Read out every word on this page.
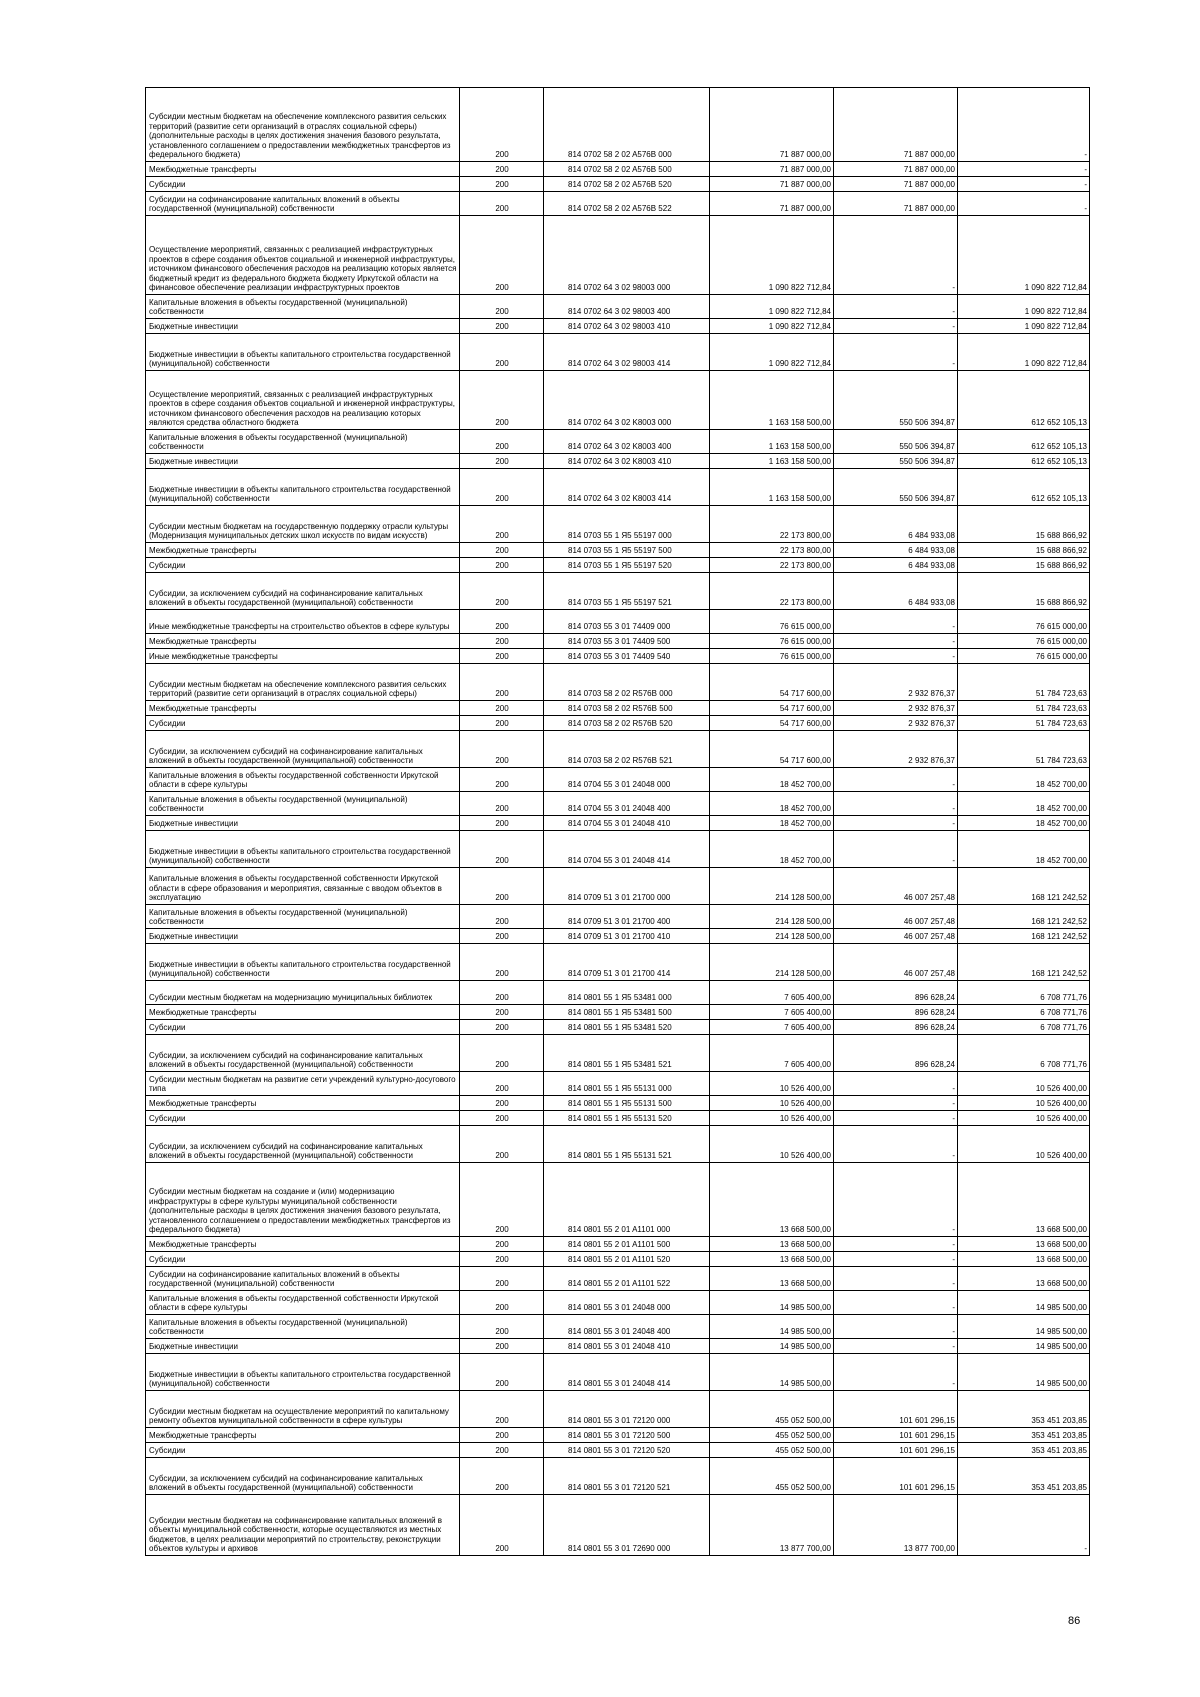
Субсидии местным бюджетам на обеспечение комплексного развития сельских территорий (развитие сети организаций в отраслях социальной сферы) (дополнительные расходы в целях достижения значения базового результата, установленного соглашением о предоставлении межбюджетных трансфертов из федерального бюджета)	200	814 0702 58 2 02 A576B 000	71 887 000,00	71 887 000,00	-
Межбюджетные трансферты	200	814 0702 58 2 02 A576B 500	71 887 000,00	71 887 000,00	-
Субсидии	200	814 0702 58 2 02 A576B 520	71 887 000,00	71 887 000,00	-
Субсидии на софинансирование капитальных вложений в объекты государственной (муниципальной) собственности	200	814 0702 58 2 02 A576B 522	71 887 000,00	71 887 000,00	-
Осуществление мероприятий, связанных с реализацией инфраструктурных проектов в сфере создания объектов социальной и инженерной инфраструктуры, источником финансового обеспечения расходов на реализацию которых является бюджетный кредит из федерального бюджета бюджету Иркутской области на финансовое обеспечение реализации инфраструктурных проектов	200	814 0702 64 3 02 98003 000	1 090 822 712,84	-	1 090 822 712,84
Капитальные вложения в объекты государственной (муниципальной) собственности	200	814 0702 64 3 02 98003 400	1 090 822 712,84	-	1 090 822 712,84
Бюджетные инвестиции	200	814 0702 64 3 02 98003 410	1 090 822 712,84	-	1 090 822 712,84
Бюджетные инвестиции в объекты капитального строительства государственной (муниципальной) собственности	200	814 0702 64 3 02 98003 414	1 090 822 712,84	-	1 090 822 712,84
Осуществление мероприятий, связанных с реализацией инфраструктурных проектов в сфере создания объектов социальной и инженерной инфраструктуры, источником финансового обеспечения расходов на реализацию которых являются средства областного бюджета	200	814 0702 64 3 02 K8003 000	1 163 158 500,00	550 506 394,87	612 652 105,13
Капитальные вложения в объекты государственной (муниципальной) собственности	200	814 0702 64 3 02 K8003 400	1 163 158 500,00	550 506 394,87	612 652 105,13
Бюджетные инвестиции	200	814 0702 64 3 02 K8003 410	1 163 158 500,00	550 506 394,87	612 652 105,13
Бюджетные инвестиции в объекты капитального строительства государственной (муниципальной) собственности	200	814 0702 64 3 02 K8003 414	1 163 158 500,00	550 506 394,87	612 652 105,13
Субсидии местным бюджетам на государственную поддержку отрасли культуры (Модернизация муниципальных детских школ искусств по видам искусств)	200	814 0703 55 1 Я5 55197 000	22 173 800,00	6 484 933,08	15 688 866,92
Межбюджетные трансферты	200	814 0703 55 1 Я5 55197 500	22 173 800,00	6 484 933,08	15 688 866,92
Субсидии	200	814 0703 55 1 Я5 55197 520	22 173 800,00	6 484 933,08	15 688 866,92
Субсидии, за исключением субсидий на софинансирование капитальных вложений в объекты государственной (муниципальной) собственности	200	814 0703 55 1 Я5 55197 521	22 173 800,00	6 484 933,08	15 688 866,92
Иные межбюджетные трансферты на строительство объектов в сфере культуры	200	814 0703 55 3 01 74409 000	76 615 000,00	-	76 615 000,00
Межбюджетные трансферты	200	814 0703 55 3 01 74409 500	76 615 000,00	-	76 615 000,00
Иные межбюджетные трансферты	200	814 0703 55 3 01 74409 540	76 615 000,00	-	76 615 000,00
Субсидии местным бюджетам на обеспечение комплексного развития сельских территорий (развитие сети организаций в отраслях социальной сферы)	200	814 0703 58 2 02 R576B 000	54 717 600,00	2 932 876,37	51 784 723,63
Межбюджетные трансферты	200	814 0703 58 2 02 R576B 500	54 717 600,00	2 932 876,37	51 784 723,63
Субсидии	200	814 0703 58 2 02 R576B 520	54 717 600,00	2 932 876,37	51 784 723,63
Субсидии, за исключением субсидий на софинансирование капитальных вложений в объекты государственной (муниципальной) собственности	200	814 0703 58 2 02 R576B 521	54 717 600,00	2 932 876,37	51 784 723,63
Капитальные вложения в объекты государственной собственности Иркутской области в сфере культуры	200	814 0704 55 3 01 24048 000	18 452 700,00	-	18 452 700,00
Капитальные вложения в объекты государственной (муниципальной) собственности	200	814 0704 55 3 01 24048 400	18 452 700,00	-	18 452 700,00
Бюджетные инвестиции	200	814 0704 55 3 01 24048 410	18 452 700,00	-	18 452 700,00
Бюджетные инвестиции в объекты капитального строительства государственной (муниципальной) собственности	200	814 0704 55 3 01 24048 414	18 452 700,00	-	18 452 700,00
Капитальные вложения в объекты государственной собственности Иркутской области в сфере образования и мероприятия, связанные с вводом объектов в эксплуатацию	200	814 0709 51 3 01 21700 000	214 128 500,00	46 007 257,48	168 121 242,52
Капитальные вложения в объекты государственной (муниципальной) собственности	200	814 0709 51 3 01 21700 400	214 128 500,00	46 007 257,48	168 121 242,52
Бюджетные инвестиции	200	814 0709 51 3 01 21700 410	214 128 500,00	46 007 257,48	168 121 242,52
Бюджетные инвестиции в объекты капитального строительства государственной (муниципальной) собственности	200	814 0709 51 3 01 21700 414	214 128 500,00	46 007 257,48	168 121 242,52
Субсидии местным бюджетам на модернизацию муниципальных библиотек	200	814 0801 55 1 Я5 53481 000	7 605 400,00	896 628,24	6 708 771,76
Межбюджетные трансферты	200	814 0801 55 1 Я5 53481 500	7 605 400,00	896 628,24	6 708 771,76
Субсидии	200	814 0801 55 1 Я5 53481 520	7 605 400,00	896 628,24	6 708 771,76
Субсидии, за исключением субсидий на софинансирование капитальных вложений в объекты государственной (муниципальной) собственности	200	814 0801 55 1 Я5 53481 521	7 605 400,00	896 628,24	6 708 771,76
Субсидии местным бюджетам на развитие сети учреждений культурно-досугового типа	200	814 0801 55 1 Я5 55131 000	10 526 400,00	-	10 526 400,00
Межбюджетные трансферты	200	814 0801 55 1 Я5 55131 500	10 526 400,00	-	10 526 400,00
Субсидии	200	814 0801 55 1 Я5 55131 520	10 526 400,00	-	10 526 400,00
Субсидии, за исключением субсидий на софинансирование капитальных вложений в объекты государственной (муниципальной) собственности	200	814 0801 55 1 Я5 55131 521	10 526 400,00	-	10 526 400,00
Субсидии местным бюджетам на создание и (или) модернизацию инфраструктуры в сфере культуры муниципальной собственности (дополнительные расходы в целях достижения значения базового результата, установленного соглашением о предоставлении межбюджетных трансфертов из федерального бюджета)	200	814 0801 55 2 01 A1101 000	13 668 500,00	-	13 668 500,00
Межбюджетные трансферты	200	814 0801 55 2 01 A1101 500	13 668 500,00	-	13 668 500,00
Субсидии	200	814 0801 55 2 01 A1101 520	13 668 500,00	-	13 668 500,00
Субсидии на софинансирование капитальных вложений в объекты государственной (муниципальной) собственности	200	814 0801 55 2 01 A1101 522	13 668 500,00	-	13 668 500,00
Капитальные вложения в объекты государственной собственности Иркутской области в сфере культуры	200	814 0801 55 3 01 24048 000	14 985 500,00	-	14 985 500,00
Капитальные вложения в объекты государственной (муниципальной) собственности	200	814 0801 55 3 01 24048 400	14 985 500,00	-	14 985 500,00
Бюджетные инвестиции	200	814 0801 55 3 01 24048 410	14 985 500,00	-	14 985 500,00
Бюджетные инвестиции в объекты капитального строительства государственной (муниципальной) собственности	200	814 0801 55 3 01 24048 414	14 985 500,00	-	14 985 500,00
Субсидии местным бюджетам на осуществление мероприятий по капитальному ремонту объектов муниципальной собственности в сфере культуры	200	814 0801 55 3 01 72120 000	455 052 500,00	101 601 296,15	353 451 203,85
Межбюджетные трансферты	200	814 0801 55 3 01 72120 500	455 052 500,00	101 601 296,15	353 451 203,85
Субсидии	200	814 0801 55 3 01 72120 520	455 052 500,00	101 601 296,15	353 451 203,85
Субсидии, за исключением субсидий на софинансирование капитальных вложений в объекты государственной (муниципальной) собственности	200	814 0801 55 3 01 72120 521	455 052 500,00	101 601 296,15	353 451 203,85
Субсидии местным бюджетам на софинансирование капитальных вложений в объекты муниципальной собственности, которые осуществляются из местных бюджетов, в целях реализации мероприятий по строительству, реконструкции объектов культуры и архивов	200	814 0801 55 3 01 72690 000	13 877 700,00	13 877 700,00	-
86
